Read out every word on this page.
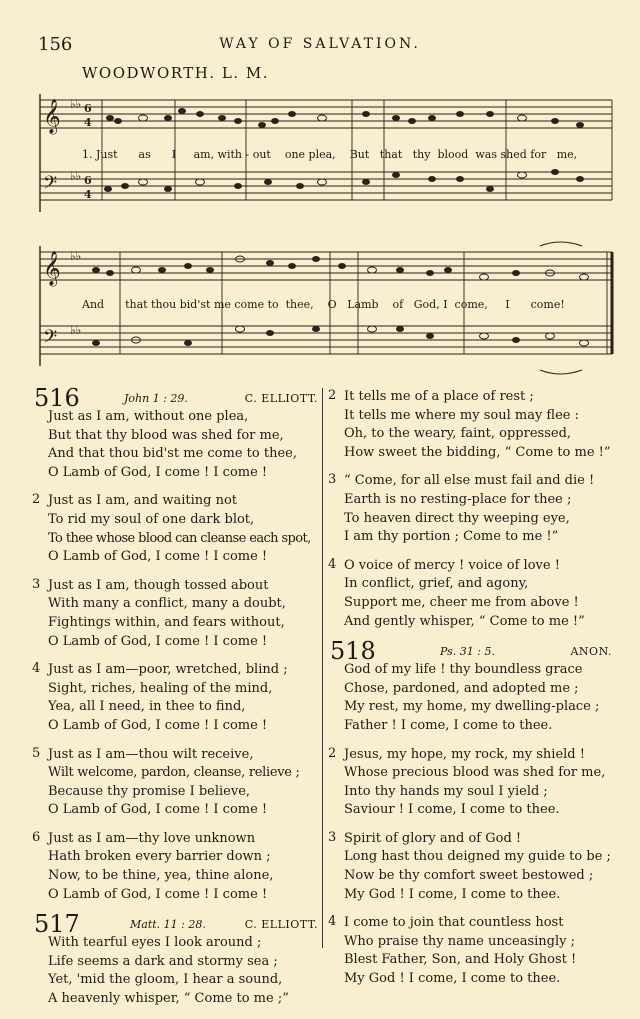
156	WAY OF SALVATION.
WOODWORTH. L. M.
𝄞
𝄢
♭♭
♭♭
6
4
6
4
1. Just as I am, with - out one plea, But that thy blood was shed for me,
𝄞
𝄢
♭♭
♭♭
And that thou bid'st me come to thee, O Lamb of God, I come, I come!
516	John 1 : 29.	C. ELLIOTT.
Just as I am, without one plea,
But that thy blood was shed for me,
And that thou bid'st me come to thee,
O Lamb of God, I come ! I come !
2 Just as I am, and waiting not
To rid my soul of one dark blot,
To thee whose blood can cleanse each spot,
O Lamb of God, I come ! I come !
3 Just as I am, though tossed about
With many a conflict, many a doubt,
Fightings within, and fears without,
O Lamb of God, I come ! I come !
4 Just as I am—poor, wretched, blind ;
Sight, riches, healing of the mind,
Yea, all I need, in thee to find,
O Lamb of God, I come ! I come !
5 Just as I am—thou wilt receive,
Wilt welcome, pardon, cleanse, relieve ;
Because thy promise I believe,
O Lamb of God, I come ! I come !
6 Just as I am—thy love unknown
Hath broken every barrier down ;
Now, to be thine, yea, thine alone,
O Lamb of God, I come ! I come !
517	Matt. 11 : 28.	C. ELLIOTT.
With tearful eyes I look around ;
Life seems a dark and stormy sea ;
Yet, 'mid the gloom, I hear a sound,
A heavenly whisper, “ Come to me ;”
2 It tells me of a place of rest ;
It tells me where my soul may flee :
Oh, to the weary, faint, oppressed,
How sweet the bidding, “ Come to me !”
3 “ Come, for all else must fail and die !
Earth is no resting-place for thee ;
To heaven direct thy weeping eye,
I am thy portion ; Come to me !”
4 O voice of mercy ! voice of love !
In conflict, grief, and agony,
Support me, cheer me from above !
And gently whisper, “ Come to me !”
518	Ps. 31 : 5.	ANON.
God of my life ! thy boundless grace
Chose, pardoned, and adopted me ;
My rest, my home, my dwelling-place ;
Father ! I come, I come to thee.
2 Jesus, my hope, my rock, my shield !
Whose precious blood was shed for me,
Into thy hands my soul I yield ;
Saviour ! I come, I come to thee.
3 Spirit of glory and of God !
Long hast thou deigned my guide to be ;
Now be thy comfort sweet bestowed ;
My God ! I come, I come to thee.
4 I come to join that countless host
Who praise thy name unceasingly ;
Blest Father, Son, and Holy Ghost !
My God ! I come, I come to thee.
